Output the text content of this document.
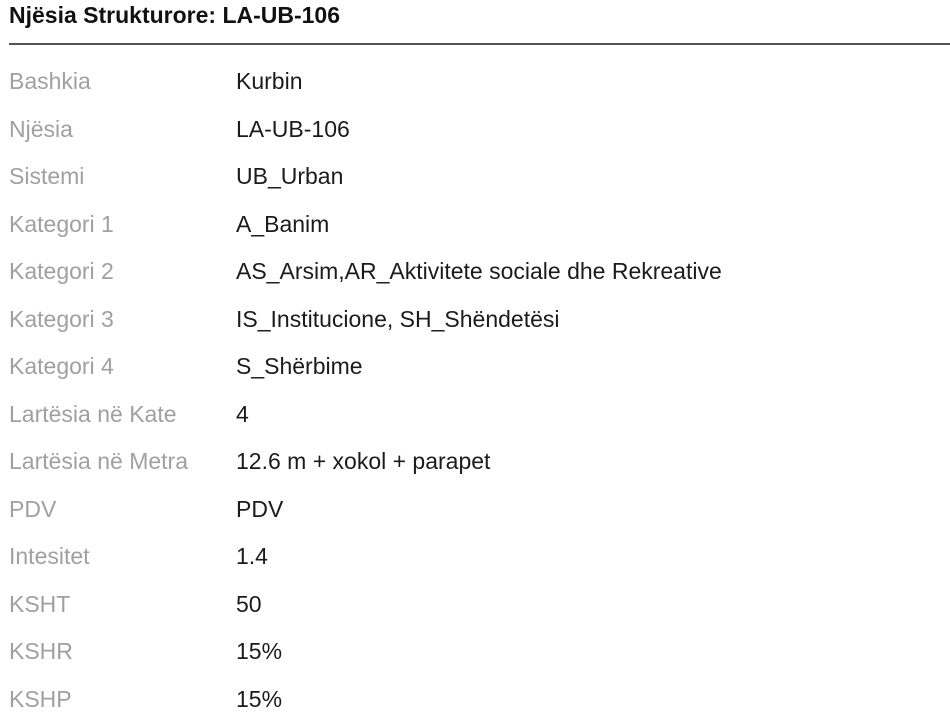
Njësia Strukturore: LA-UB-106
Bashkia	Kurbin
Njësia	LA-UB-106
Sistemi	UB_Urban
Kategori 1	A_Banim
Kategori 2	AS_Arsim,AR_Aktivitete sociale dhe Rekreative
Kategori 3	IS_Institucione, SH_Shëndetësi
Kategori 4	S_Shërbime
Lartësia në Kate	4
Lartësia në Metra 12.6 m + xokol + parapet
PDV	PDV
Intesitet	1.4
KSHT	50
KSHR	15%
KSHP	15%
